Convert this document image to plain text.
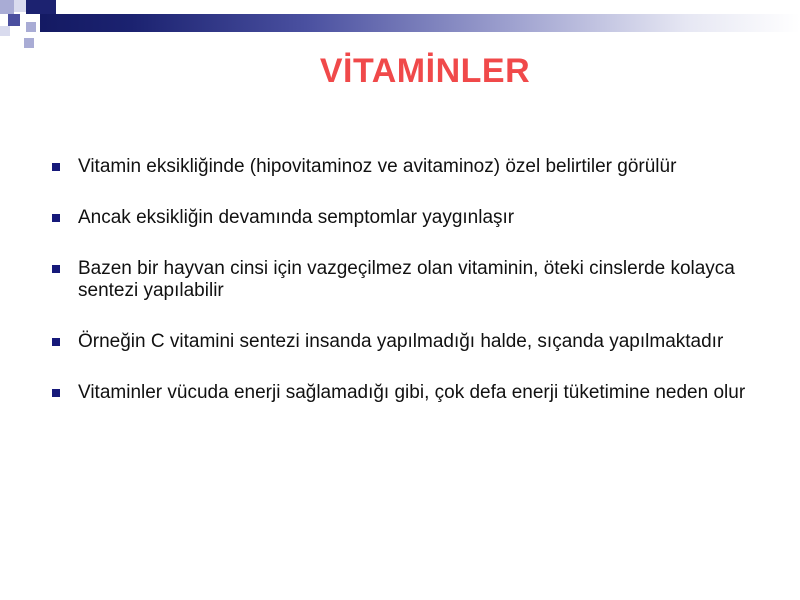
VİTAMİNLER
Vitamin eksikliğinde (hipovitaminoz ve avitaminoz) özel belirtiler görülür
Ancak eksikliğin devamında semptomlar yaygınlaşır
Bazen bir hayvan cinsi için vazgeçilmez olan vitaminin, öteki cinslerde kolayca sentezi yapılabilir
Örneğin C vitamini sentezi insanda yapılmadığı halde, sıçanda yapılmaktadır
Vitaminler vücuda enerji sağlamadığı gibi, çok defa enerji tüketimine neden olur
